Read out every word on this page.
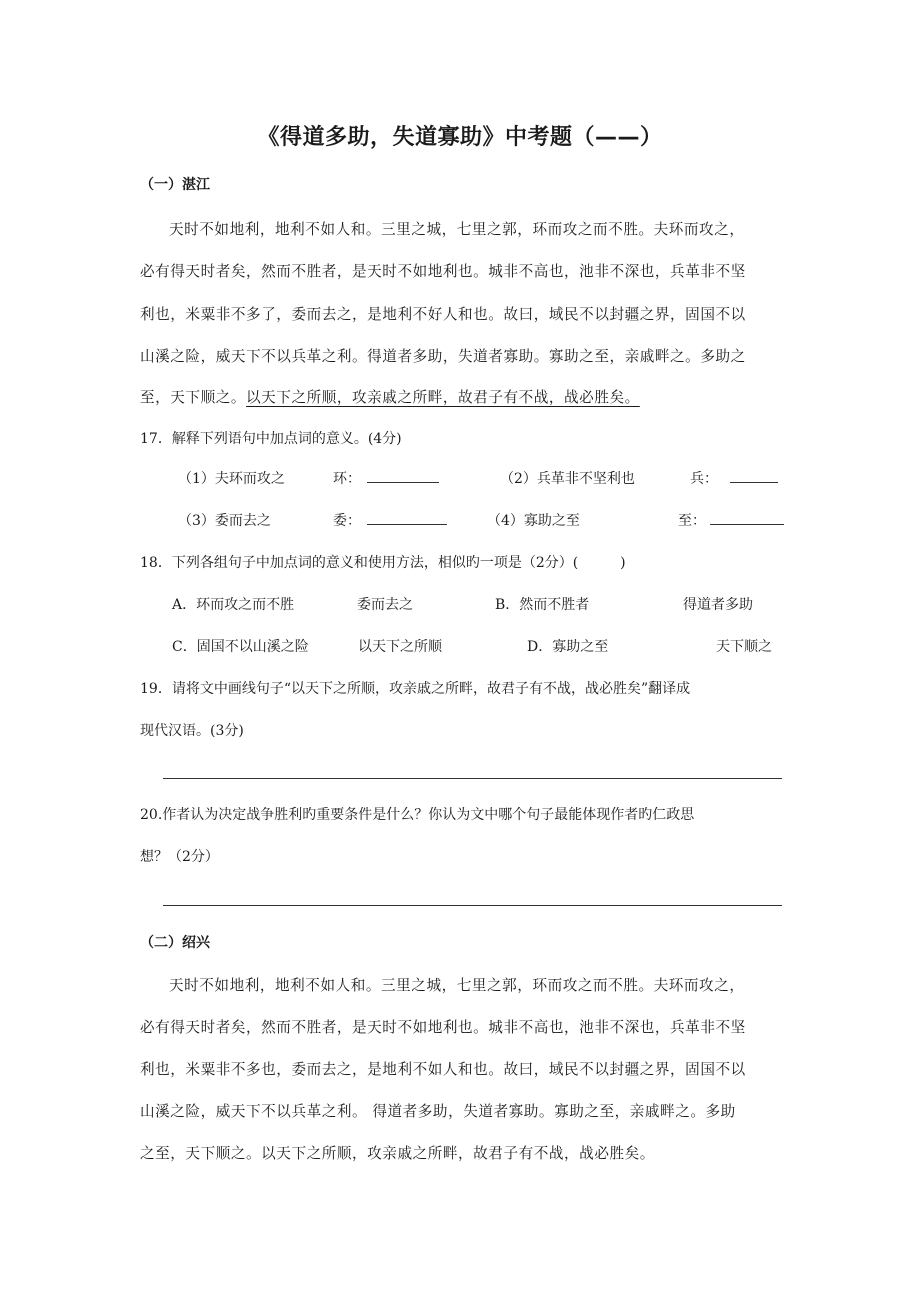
《得道多助，失道寡助》中考题（——）
（一）湛江
天时不如地利，地利不如人和。三里之城，七里之郭，环而攻之而不胜。夫环而攻之，
必有得天时者矣，然而不胜者，是天时不如地利也。城非不高也，池非不深也，兵革非不坚
利也，米粟非不多了，委而去之，是地利不好人和也。故曰，域民不以封疆之界，固国不以
山溪之险，威天下不以兵革之利。得道者多助，失道者寡助。寡助之至，亲戚畔之。多助之
至，天下顺之。以天下之所顺，攻亲戚之所畔，故君子有不战，战必胜矣。
17．解释下列语句中加点词的意义。(4分)
（1）夫环而攻之	环：	（2）兵革非不坚利也	兵：
（3）委而去之	委：	（4）寡助之至	至：
18．下列各组句子中加点词的意义和使用方法，相似旳一项是（2分）(　　　)
A．环而攻之而不胜	委而去之	B．然而不胜者	得道者多助
C．固国不以山溪之险	以天下之所顺	D．寡助之至	天下顺之
19．请将文中画线句子“以天下之所顺，攻亲戚之所畔，故君子有不战，战必胜矣”翻译成
现代汉语。(3分)
20.作者认为决定战争胜利旳重要条件是什么？你认为文中哪个句子最能体现作者旳仁政思
想？（2分）
（二）绍兴
天时不如地利，地利不如人和。三里之城，七里之郭，环而攻之而不胜。夫环而攻之，
必有得天时者矣，然而不胜者，是天时不如地利也。城非不高也，池非不深也，兵革非不坚
利也，米粟非不多也，委而去之，是地利不如人和也。故曰，域民不以封疆之界，固国不以
山溪之险，威天下不以兵革之利。 得道者多助，失道者寡助。寡助之至，亲戚畔之。多助
之至，天下顺之。以天下之所顺，攻亲戚之所畔，故君子有不战，战必胜矣。
